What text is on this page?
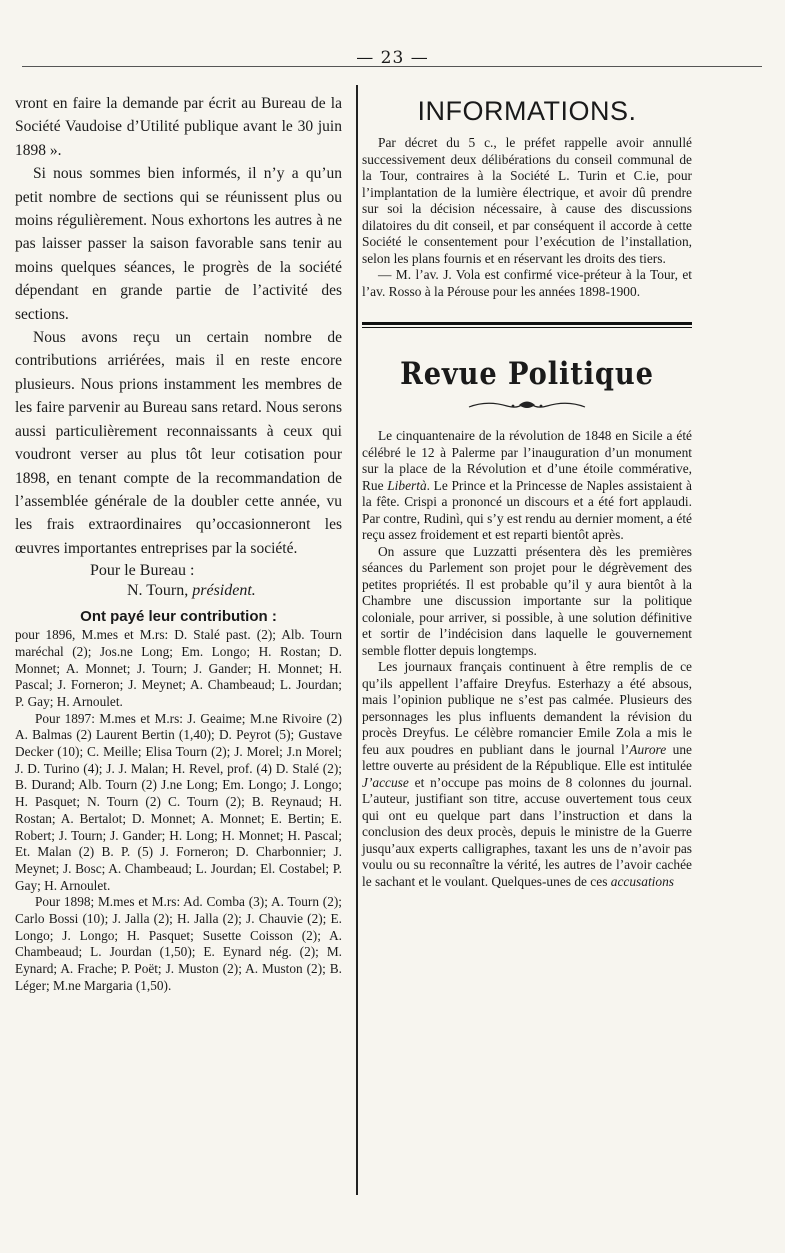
— 23 —

vront en faire la demande par écrit au Bureau de la Société Vaudoise d’Utilité publique avant le 30 juin 1898 ».

Si nous sommes bien informés, il n’y a qu’un petit nombre de sections qui se réunissent plus ou moins régulièrement. Nous exhortons les autres à ne pas laisser passer la saison favorable sans tenir au moins quelques séances, le progrès de la société dépendant en grande partie de l’activité des sections.

Nous avons reçu un certain nombre de contributions arriérées, mais il en reste encore plusieurs. Nous prions instamment les membres de les faire parvenir au Bureau sans retard. Nous serons aussi particulièrement reconnaissants à ceux qui voudront verser au plus tôt leur cotisation pour 1898, en tenant compte de la recommandation de l’assemblée générale de la doubler cette année, vu les frais extraordinaires qu’occasionneront les œuvres importantes entreprises par la société.

Pour le Bureau :

N. Tourn, président.

Ont payé leur contribution :

pour 1896, M.mes et M.rs: D. Stalé past. (2); Alb. Tourn maréchal (2); Jos.ne Long; Em. Longo; H. Rostan; D. Monnet; A. Monnet; J. Tourn; J. Gander; H. Monnet; H. Pascal; J. Forneron; J. Meynet; A. Chambeaud; L. Jourdan; P. Gay; H. Arnoulet.

Pour 1897: M.mes et M.rs: J. Geaime; M.ne Rivoire (2) A. Balmas (2) Laurent Bertin (1,40); D. Peyrot (5); Gustave Decker (10); C. Meille; Elisa Tourn (2); J. Morel; J.n Morel; J. D. Turino (4); J. J. Malan; H. Revel, prof. (4) D. Stalé (2); B. Durand; Alb. Tourn (2) J.ne Long; Em. Longo; J. Longo; H. Pasquet; N. Tourn (2) C. Tourn (2); B. Reynaud; H. Rostan; A. Bertalot; D. Monnet; A. Monnet; E. Bertin; E. Robert; J. Tourn; J. Gander; H. Long; H. Monnet; H. Pascal; Et. Malan (2) B. P. (5) J. Forneron; D. Charbonnier; J. Meynet; J. Bosc; A. Chambeaud; L. Jourdan; El. Costabel; P. Gay; H. Arnoulet.

Pour 1898; M.mes et M.rs: Ad. Comba (3); A. Tourn (2); Carlo Bossi (10); J. Jalla (2); H. Jalla (2); J. Chauvie (2); E. Longo; J. Longo; H. Pasquet; Susette Coisson (2); A. Chambeaud; L. Jourdan (1,50); E. Eynard nég. (2); M. Eynard; A. Frache; P. Poët; J. Muston (2); A. Muston (2); B. Léger; M.ne Margaria (1,50).

INFORMATIONS.

Par décret du 5 c., le préfet rappelle avoir annullé successivement deux délibérations du conseil communal de la Tour, contraires à la Société L. Turin et C.ie, pour l’implantation de la lumière électrique, et avoir dû prendre sur soi la décision nécessaire, à cause des discussions dilatoires du dit conseil, et par conséquent il accorde à cette Société le consentement pour l’exécution de l’installation, selon les plans fournis et en réservant les droits des tiers.

— M. l’av. J. Vola est confirmé vice-préteur à la Tour, et l’av. Rosso à la Pérouse pour les années 1898-1900.

Revue Politique

Le cinquantenaire de la révolution de 1848 en Sicile a été célébré le 12 à Palerme par l’inauguration d’un monument sur la place de la Révolution et d’une étoile commérative, Rue Libertà. Le Prince et la Princesse de Naples assistaient à la fête. Crispi a prononcé un discours et a été fort applaudi. Par contre, Rudinì, qui s’y est rendu au dernier moment, a été reçu assez froidement et est reparti bientôt après.

On assure que Luzzatti présentera dès les premières séances du Parlement son projet pour le dégrèvement des petites propriétés. Il est probable qu’il y aura bientôt à la Chambre une discussion importante sur la politique coloniale, pour arriver, si possible, à une solution définitive et sortir de l’indécision dans laquelle le gouvernement semble flotter depuis longtemps.

Les journaux français continuent à être remplis de ce qu’ils appellent l’affaire Dreyfus. Esterhazy a été absous, mais l’opinion publique ne s’est pas calmée. Plusieurs des personnages les plus influents demandent la révision du procès Dreyfus. Le célèbre romancier Emile Zola a mis le feu aux poudres en publiant dans le journal l’Aurore une lettre ouverte au président de la République. Elle est intitulée J’accuse et n’occupe pas moins de 8 colonnes du journal. L’auteur, justifiant son titre, accuse ouvertement tous ceux qui ont eu quelque part dans l’instruction et dans la conclusion des deux procès, depuis le ministre de la Guerre jusqu’aux experts calligraphes, taxant les uns de n’avoir pas voulu ou su reconnaître la vérité, les autres de l’avoir cachée le sachant et le voulant. Quelques-unes de ces accusations
